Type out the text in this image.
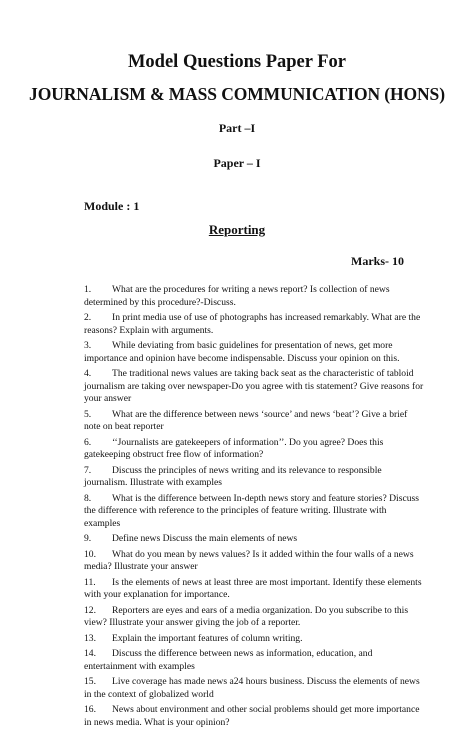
Model Questions Paper For
JOURNALISM & MASS COMMUNICATION (HONS)
Part –I
Paper – I
Module : 1
Reporting
Marks- 10
1. What are the procedures for writing a news report? Is collection of news determined by this procedure?-Discuss.
2. In print media use of use of photographs has increased remarkably. What are the reasons? Explain with arguments.
3. While deviating from basic guidelines for presentation of news, get more importance and opinion have become indispensable. Discuss your opinion on this.
4. The traditional news values are taking back seat as the characteristic of tabloid journalism are taking over newspaper-Do you agree with tis statement? Give reasons for your answer
5. What are the difference between news ‘source’ and news ‘beat’? Give a brief note on beat reporter
6. ‘‘Journalists are gatekeepers of information’’. Do you agree? Does this gatekeeping obstruct free flow of information?
7. Discuss the principles of news writing and its relevance to responsible journalism. Illustrate with examples
8. What is the difference between In-depth news story and feature stories? Discuss the difference with reference to the principles of feature writing. Illustrate with examples
9. Define news Discuss the main elements of news
10. What do you mean by news values? Is it added within the four walls of a news media? Illustrate your answer
11. Is the elements of news at least three are most important. Identify these elements with your explanation for importance.
12. Reporters are eyes and ears of a media organization. Do you subscribe to this view? Illustrate your answer giving the job of a reporter.
13. Explain the important features of column writing.
14. Discuss the difference between news as information, education, and entertainment with examples
15. Live coverage has made news a24 hours business. Discuss the elements of news in the context of globalized world
16. News about environment and other social problems should get more importance in news media. What is your opinion?
